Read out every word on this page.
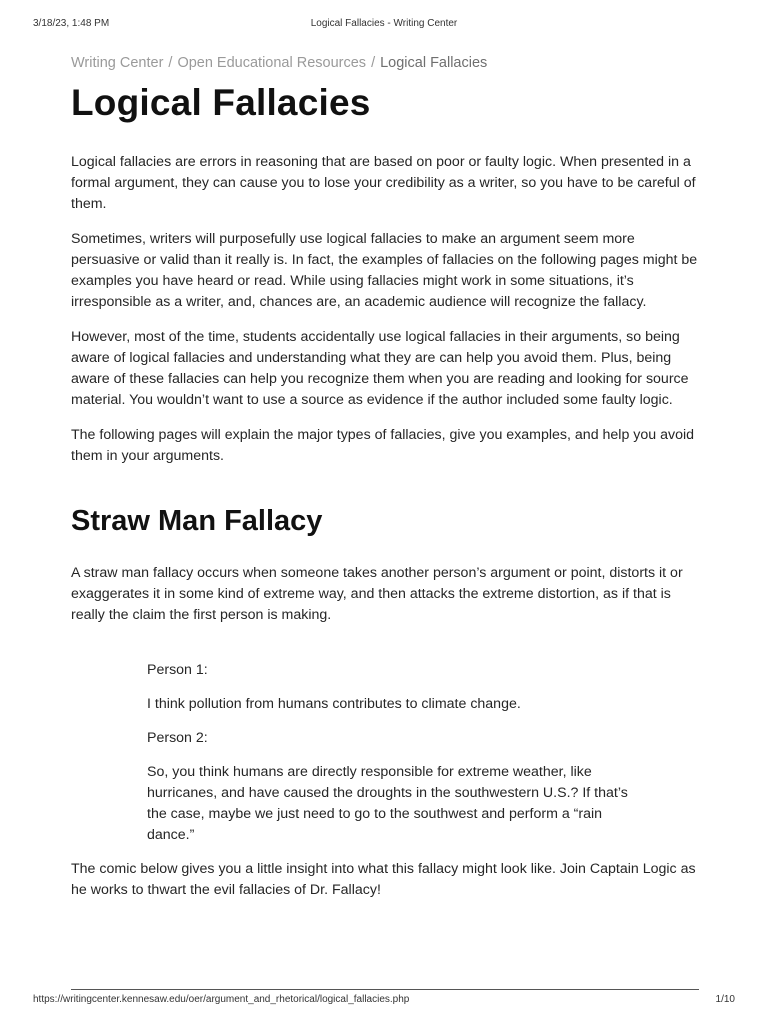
3/18/23, 1:48 PM	Logical Fallacies - Writing Center
Writing Center / Open Educational Resources / Logical Fallacies
Logical Fallacies

Logical fallacies are errors in reasoning that are based on poor or faulty logic. When presented in a formal argument, they can cause you to lose your credibility as a writer, so you have to be careful of them.

Sometimes, writers will purposefully use logical fallacies to make an argument seem more persuasive or valid than it really is. In fact, the examples of fallacies on the following pages might be examples you have heard or read. While using fallacies might work in some situations, it’s irresponsible as a writer, and, chances are, an academic audience will recognize the fallacy.

However, most of the time, students accidentally use logical fallacies in their arguments, so being aware of logical fallacies and understanding what they are can help you avoid them. Plus, being aware of these fallacies can help you recognize them when you are reading and looking for source material. You wouldn’t want to use a source as evidence if the author included some faulty logic.

The following pages will explain the major types of fallacies, give you examples, and help you avoid them in your arguments.

Straw Man Fallacy

A straw man fallacy occurs when someone takes another person’s argument or point, distorts it or exaggerates it in some kind of extreme way, and then attacks the extreme distortion, as if that is really the claim the first person is making.

Person 1:

I think pollution from humans contributes to climate change.

Person 2:

So, you think humans are directly responsible for extreme weather, like hurricanes, and have caused the droughts in the southwestern U.S.? If that’s the case, maybe we just need to go to the southwest and perform a “rain dance.”

The comic below gives you a little insight into what this fallacy might look like. Join Captain Logic as he works to thwart the evil fallacies of Dr. Fallacy!

https://writingcenter.kennesaw.edu/oer/argument_and_rhetorical/logical_fallacies.php	1/10
